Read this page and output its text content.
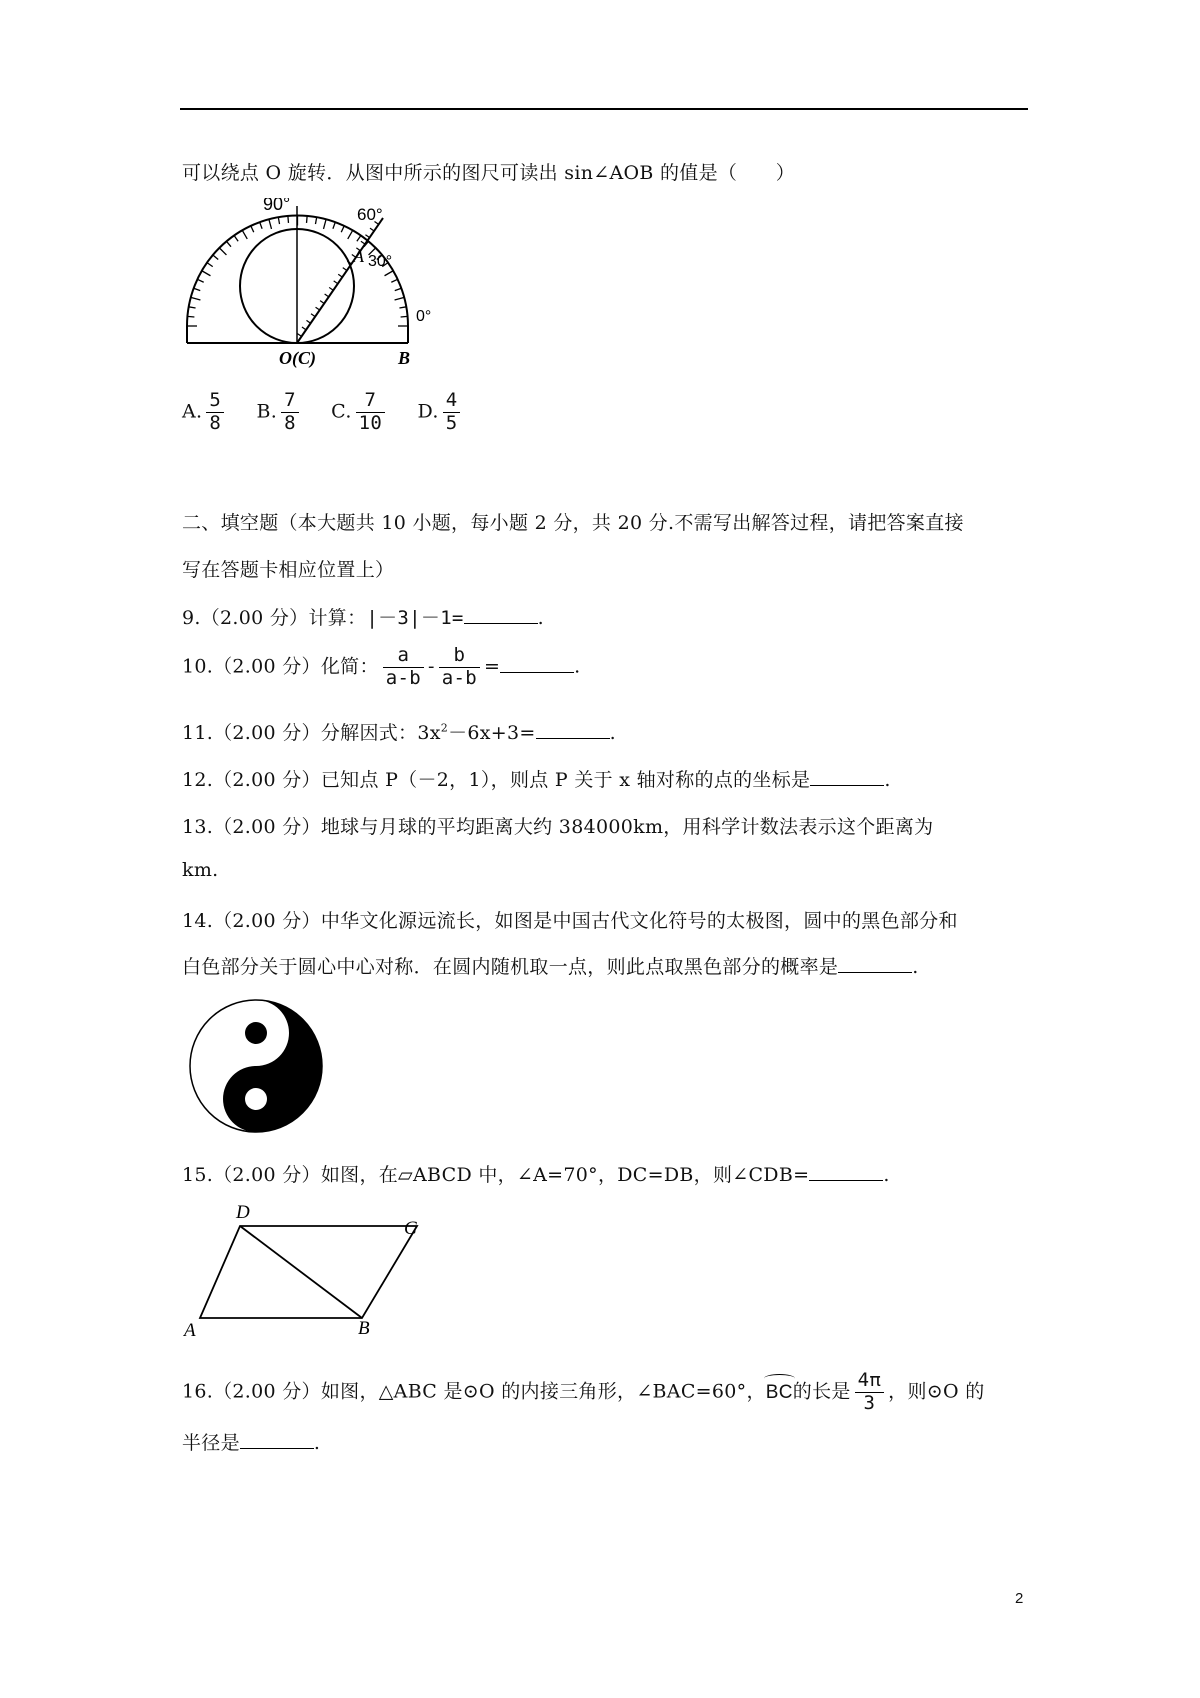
可以绕点 O 旋转．从图中所示的图尺可读出 sin∠AOB 的值是（　　）
90°
60°
30°
0°
A
O(C)	B
A. $\frac{5}{8} B$. $\frac{7}{8} C$. $\frac{7}{10} D$. $\frac{4}{5}$
二、填空题（本大题共 10 小题，每小题 2 分，共 20 分.不需写出解答过程，请把答案直接
写在答题卡相应位置上）
9.（2.00 分）计算：|－3|－1=	.
10.（2.00 分）化简： $\frac{a}{a-b} - \frac{b}{a-b}$ =	.
11.（2.00 分）分解因式：$3x^2-6x+3=$	.
12.（2.00 分）已知点 P（－2，1），则点 P 关于 x 轴对称的点的坐标是	.
13.（2.00 分）地球与月球的平均距离大约 384000km，用科学计数法表示这个距离为
km.
14.（2.00 分）中华文化源远流长，如图是中国古代文化符号的太极图，圆中的黑色部分和
白色部分关于圆心中心对称．在圆内随机取一点，则此点取黑色部分的概率是	.
15.（2.00 分）如图，在▱ABCD 中，∠A=70°，DC=DB，则∠CDB=	.
D
C
A	B
16.（2.00 分）如图，△ABC 是⊙O 的内接三角形，∠BAC=60°，
BC的长是 $\frac{4\pi}{3}$ ，则⊙O 的
半径是	.
2
